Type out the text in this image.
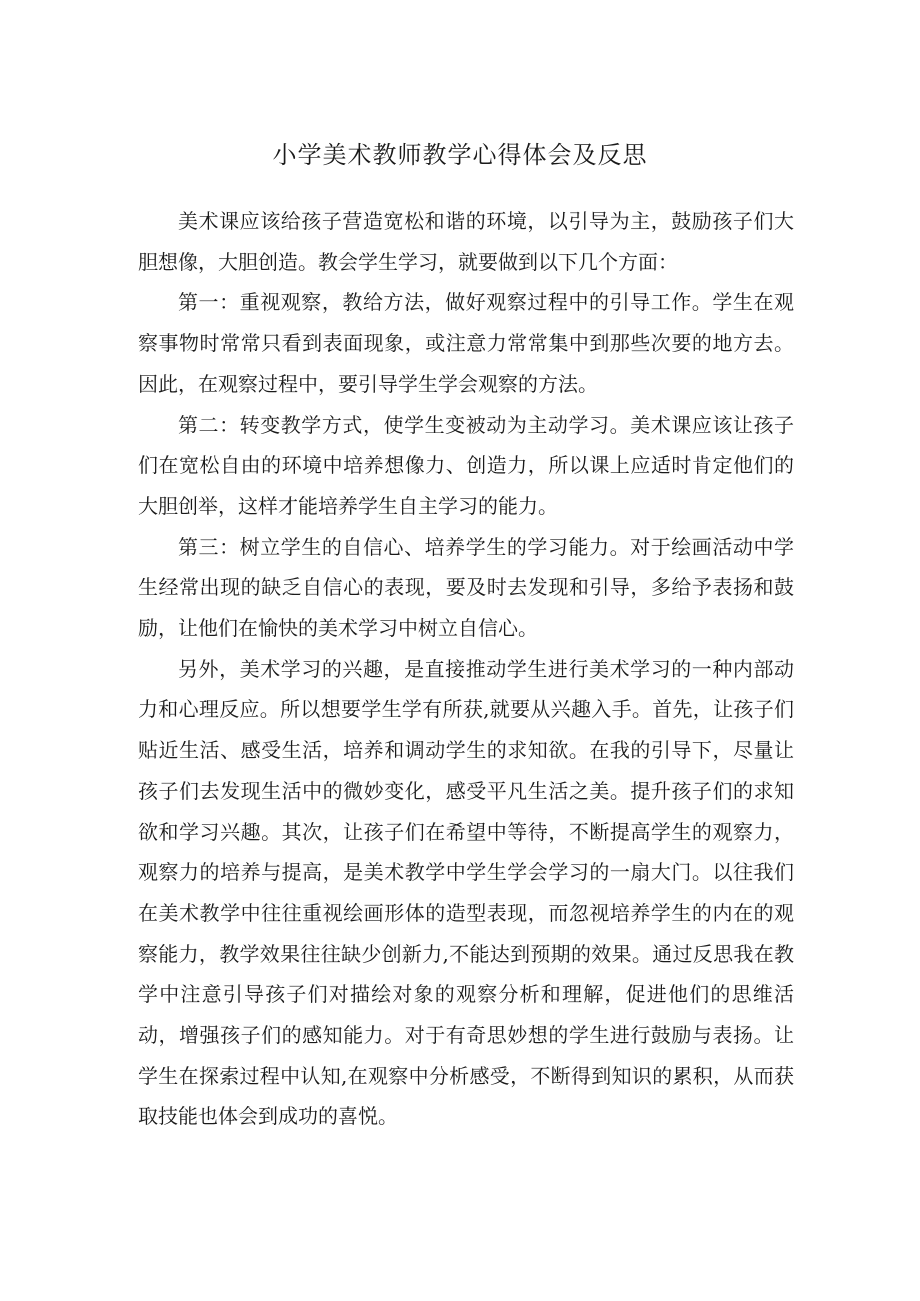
小学美术教师教学心得体会及反思

美术课应该给孩子营造宽松和谐的环境，以引导为主，鼓励孩子们大胆想像，大胆创造。教会学生学习，就要做到以下几个方面：

第一：重视观察，教给方法，做好观察过程中的引导工作。学生在观察事物时常常只看到表面现象，或注意力常常集中到那些次要的地方去。因此，在观察过程中，要引导学生学会观察的方法。

第二：转变教学方式，使学生变被动为主动学习。美术课应该让孩子们在宽松自由的环境中培养想像力、创造力，所以课上应适时肯定他们的大胆创举，这样才能培养学生自主学习的能力。

第三：树立学生的自信心、培养学生的学习能力。对于绘画活动中学生经常出现的缺乏自信心的表现，要及时去发现和引导，多给予表扬和鼓励，让他们在愉快的美术学习中树立自信心。

另外，美术学习的兴趣，是直接推动学生进行美术学习的一种内部动力和心理反应。所以想要学生学有所获,就要从兴趣入手。首先，让孩子们贴近生活、感受生活，培养和调动学生的求知欲。在我的引导下，尽量让孩子们去发现生活中的微妙变化，感受平凡生活之美。提升孩子们的求知欲和学习兴趣。其次，让孩子们在希望中等待，不断提高学生的观察力，观察力的培养与提高，是美术教学中学生学会学习的一扇大门。以往我们在美术教学中往往重视绘画形体的造型表现，而忽视培养学生的内在的观察能力，教学效果往往缺少创新力,不能达到预期的效果。通过反思我在教学中注意引导孩子们对描绘对象的观察分析和理解，促进他们的思维活动，增强孩子们的感知能力。对于有奇思妙想的学生进行鼓励与表扬。让学生在探索过程中认知,在观察中分析感受，不断得到知识的累积，从而获取技能也体会到成功的喜悦。
